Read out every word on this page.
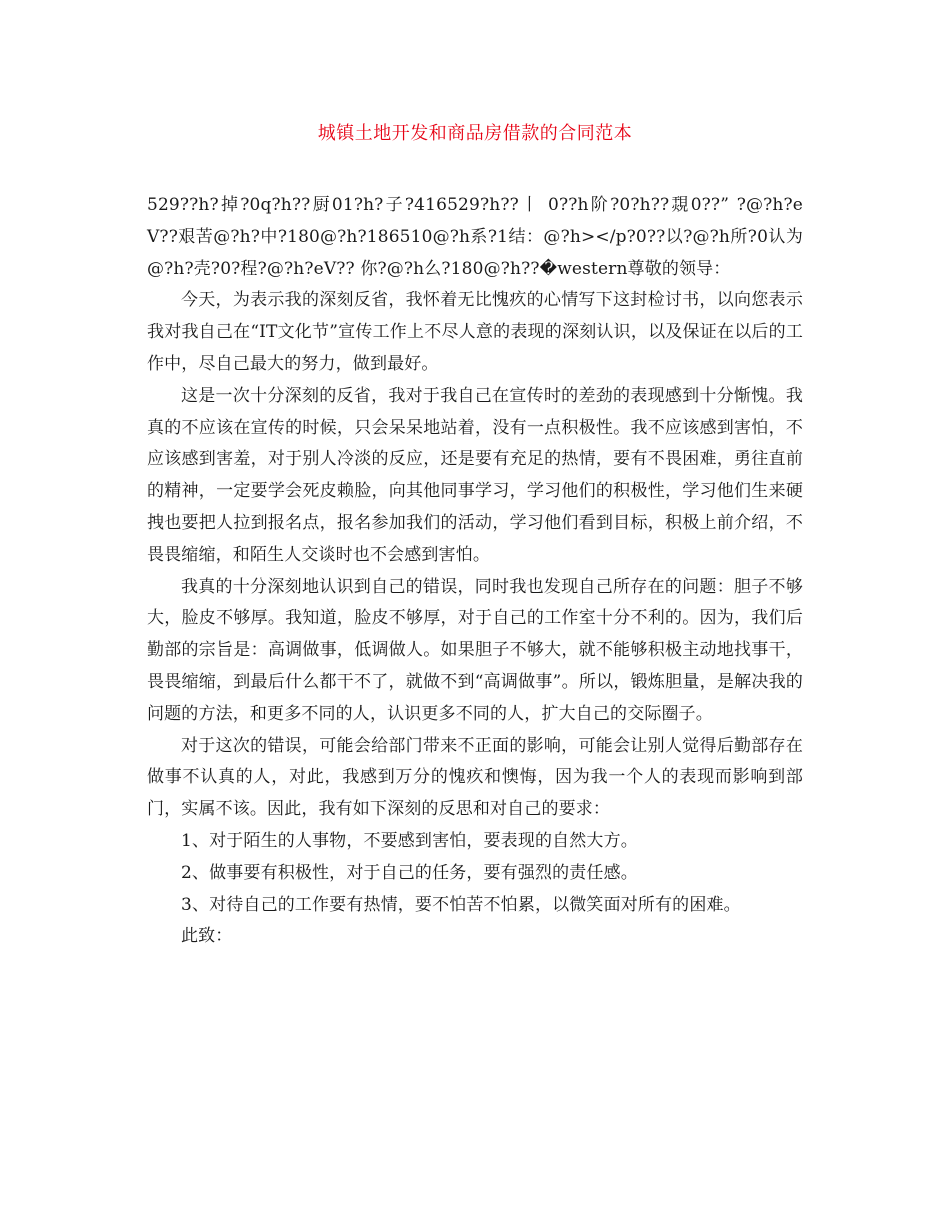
城镇土地开发和商品房借款的合同范本

529??h?掉?0q?h??厨01?h?子?416529?h??丨 0??h阶?0?h??覝0??” ?@?h?eV??艰苦@?h?中?180@?h?186510@?h系?1结：@?h></p?0??以?@?h所?0认为@?h?壳?0?程?@?h?eV?? 你?@?h么?180@?h??�western尊敬的领导：

今天，为表示我的深刻反省，我怀着无比愧疚的心情写下这封检讨书，以向您表示我对我自己在“IT文化节”宣传工作上不尽人意的表现的深刻认识，以及保证在以后的工作中，尽自己最大的努力，做到最好。

这是一次十分深刻的反省，我对于我自己在宣传时的差劲的表现感到十分惭愧。我真的不应该在宣传的时候，只会呆呆地站着，没有一点积极性。我不应该感到害怕，不应该感到害羞，对于别人冷淡的反应，还是要有充足的热情，要有不畏困难，勇往直前的精神，一定要学会死皮赖脸，向其他同事学习，学习他们的积极性，学习他们生来硬拽也要把人拉到报名点，报名参加我们的活动，学习他们看到目标，积极上前介绍，不畏畏缩缩，和陌生人交谈时也不会感到害怕。

我真的十分深刻地认识到自己的错误，同时我也发现自己所存在的问题：胆子不够大，脸皮不够厚。我知道，脸皮不够厚，对于自己的工作室十分不利的。因为，我们后勤部的宗旨是：高调做事，低调做人。如果胆子不够大，就不能够积极主动地找事干，畏畏缩缩，到最后什么都干不了，就做不到“高调做事”。所以，锻炼胆量，是解决我的问题的方法，和更多不同的人，认识更多不同的人，扩大自己的交际圈子。

对于这次的错误，可能会给部门带来不正面的影响，可能会让别人觉得后勤部存在做事不认真的人，对此，我感到万分的愧疚和懊悔，因为我一个人的表现而影响到部门，实属不该。因此，我有如下深刻的反思和对自己的要求：

1、对于陌生的人事物，不要感到害怕，要表现的自然大方。

2、做事要有积极性，对于自己的任务，要有强烈的责任感。

3、对待自己的工作要有热情，要不怕苦不怕累，以微笑面对所有的困难。

此致：
